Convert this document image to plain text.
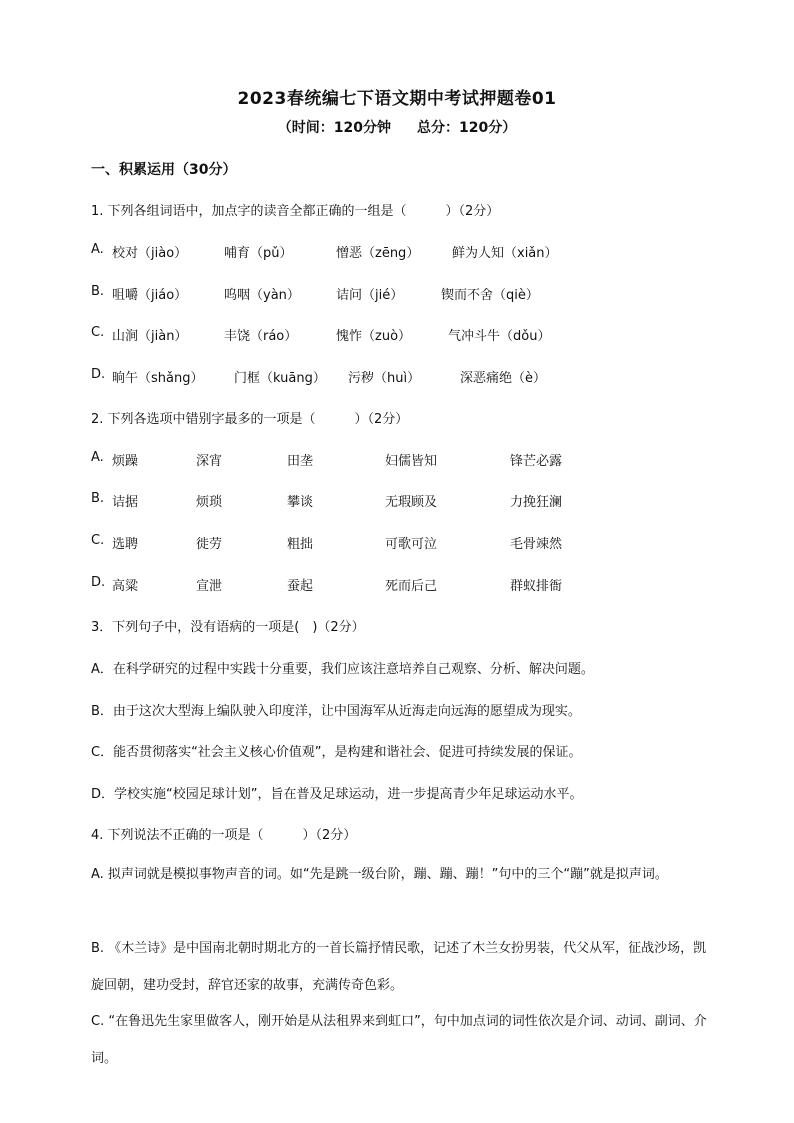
2023春统编七下语文期中考试押题卷01
（时间：120分钟 总分：120分）
一、积累运用（30分）
1. 下列各组词语中，加点字的读音全都正确的一组是（　　　）（2分）
A. 校对（jiào）	哺育（pǔ）	憎恶（zēng）	鲜为人知（xiǎn）
B. 咀嚼（jiáo）	呜咽（yàn）	诘问（jié）	锲而不舍（qiè）
C. 山涧（jiàn）	丰饶（ráo）	愧怍（zuò）	气冲斗牛（dǒu）
D. 晌午（shǎng） 门框（kuāng） 污秽（huì）	深恶痛绝（è）
2. 下列各选项中错别字最多的一项是（　　　）（2分）
A. 烦躁	深宵	田垄	妇儒皆知	锋芒必露
B. 诘据	烦琐	攀谈	无瑕顾及	力挽狂澜
C. 选聘	徙劳	粗拙	可歌可泣	毛骨竦然
D. 高粱	宣泄	蚕起	死而后己	群蚁排衙
3．下列句子中，没有语病的一项是(　)（2分）
A．在科学研究的过程中实践十分重要，我们应该注意培养自己观察、分析、解决问题。
B．由于这次大型海上编队驶入印度洋，让中国海军从近海走向远海的愿望成为现实。
C．能否贯彻落实“社会主义核心价值观”，是构建和谐社会、促进可持续发展的保证。
D．学校实施“校园足球计划”，旨在普及足球运动，进一步提高青少年足球运动水平。
4. 下列说法不正确的一项是（　　　）（2分）
A. 拟声词就是模拟事物声音的词。如“先是跳一级台阶，蹦、蹦、蹦！”句中的三个“蹦”就是拟声词。
B. 《木兰诗》是中国南北朝时期北方的一首长篇抒情民歌，记述了木兰女扮男装，代父从军，征战沙场，凯旋回朝，建功受封，辞官还家的故事，充满传奇色彩。
C. “在鲁迅先生家里做客人，刚开始是从法租界来到虹口”，句中加点词的词性依次是介词、动词、副词、介词。
